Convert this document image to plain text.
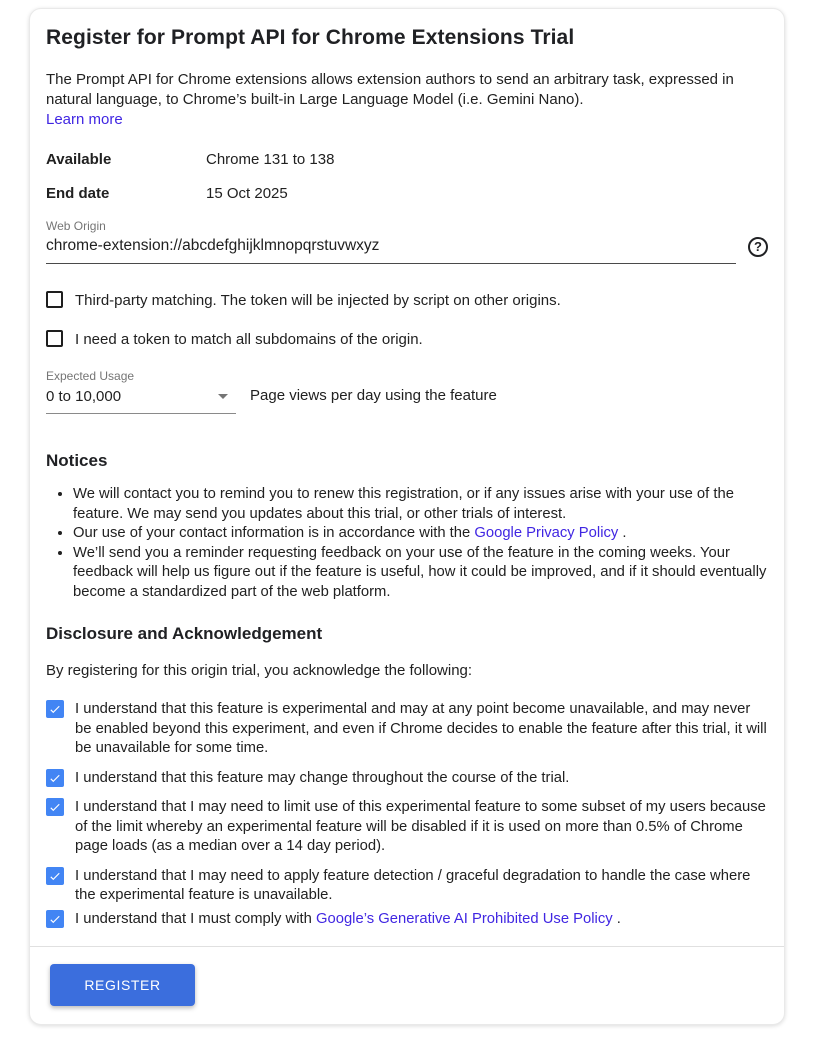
Register for Prompt API for Chrome Extensions Trial

The Prompt API for Chrome extensions allows extension authors to send an arbitrary task, expressed in natural language, to Chrome’s built-in Large Language Model (i.e. Gemini Nano).

Learn more
Available	Chrome 131 to 138
End date	15 Oct 2025
Web Origin
chrome-extension://abcdefghijklmnopqrstuvwxyz
?
Third-party matching. The token will be injected by script on other origins.
I need a token to match all subdomains of the origin.
Expected Usage
0 to 10,000	Page views per day using the feature
Notices
• We will contact you to remind you to renew this registration, or if any issues arise with your use of the feature. We may send you updates about this trial, or other trials of interest.
• Our use of your contact information is in accordance with the Google Privacy Policy .
• We’ll send you a reminder requesting feedback on your use of the feature in the coming weeks. Your feedback will help us figure out if the feature is useful, how it could be improved, and if it should eventually become a standardized part of the web platform.
Disclosure and Acknowledgement

By registering for this origin trial, you acknowledge the following:

I understand that this feature is experimental and may at any point become unavailable, and may never be enabled beyond this experiment, and even if Chrome decides to enable the feature after this trial, it will be unavailable for some time.
I understand that this feature may change throughout the course of the trial.
I understand that I may need to limit use of this experimental feature to some subset of my users because of the limit whereby an experimental feature will be disabled if it is used on more than 0.5% of Chrome page loads (as a median over a 14 day period).
I understand that I may need to apply feature detection / graceful degradation to handle the case where the experimental feature is unavailable.
I understand that I must comply with Google’s Generative AI Prohibited Use Policy .
REGISTER
